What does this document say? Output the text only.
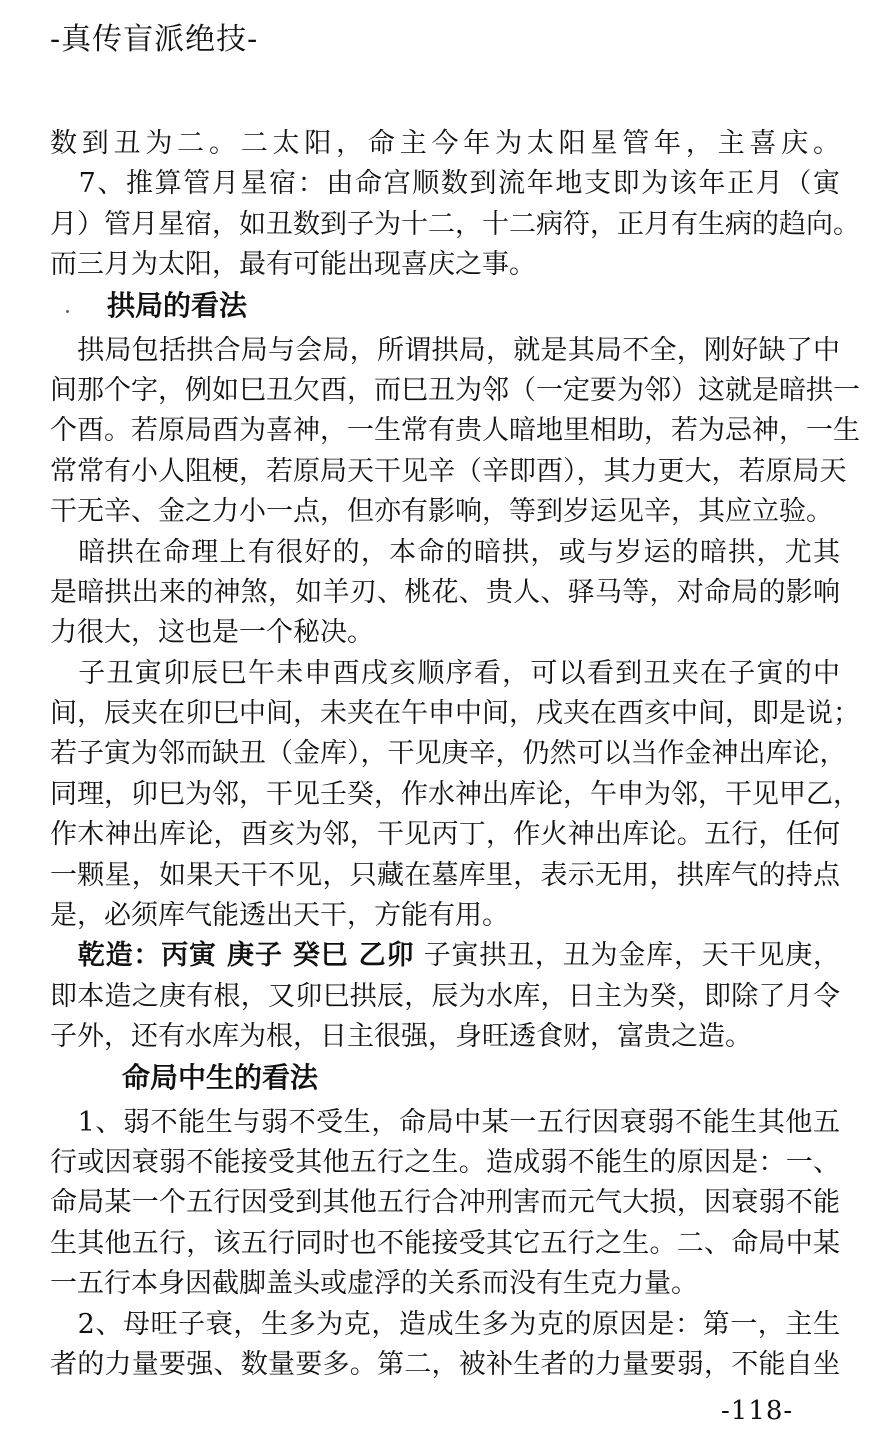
-真传盲派绝技-
数到丑为二。二太阳，命主今年为太阳星管年，主喜庆。
　7、推算管月星宿：由命宫顺数到流年地支即为该年正月（寅
月）管月星宿，如丑数到子为十二，十二病符，正月有生病的趋向。
而三月为太阳，最有可能出现喜庆之事。
拱局的看法
　拱局包括拱合局与会局，所谓拱局，就是其局不全，刚好缺了中
间那个字，例如巳丑欠酉，而巳丑为邻（一定要为邻）这就是暗拱一
个酉。若原局酉为喜神，一生常有贵人暗地里相助，若为忌神，一生
常常有小人阻梗，若原局天干见辛（辛即酉），其力更大，若原局天
干无辛、金之力小一点，但亦有影响，等到岁运见辛，其应立验。
　暗拱在命理上有很好的，本命的暗拱，或与岁运的暗拱，尤其
是暗拱出来的神煞，如羊刃、桃花、贵人、驿马等，对命局的影响
力很大，这也是一个秘决。
　子丑寅卯辰巳午未申酉戌亥顺序看，可以看到丑夹在子寅的中
间，辰夹在卯巳中间，未夹在午申中间，戌夹在酉亥中间，即是说；
若子寅为邻而缺丑（金库），干见庚辛，仍然可以当作金神出库论，
同理，卯巳为邻，干见壬癸，作水神出库论，午申为邻，干见甲乙，
作木神出库论，酉亥为邻，干见丙丁，作火神出库论。五行，任何
一颗星，如果天干不见，只藏在墓库里，表示无用，拱库气的持点
是，必须库气能透出天干，方能有用。
　乾造：丙寅 庚子 癸巳 乙卯 子寅拱丑，丑为金库，天干见庚，
即本造之庚有根，又卯巳拱辰，辰为水库，日主为癸，即除了月令
子外，还有水库为根，日主很强，身旺透食财，富贵之造。
命局中生的看法
　1、弱不能生与弱不受生，命局中某一五行因衰弱不能生其他五
行或因衰弱不能接受其他五行之生。造成弱不能生的原因是：一、
命局某一个五行因受到其他五行合冲刑害而元气大损，因衰弱不能
生其他五行，该五行同时也不能接受其它五行之生。二、命局中某
一五行本身因截脚盖头或虚浮的关系而没有生克力量。
　2、母旺子衰，生多为克，造成生多为克的原因是：第一，主生
者的力量要强、数量要多。第二，被补生者的力量要弱，不能自坐
-118-
